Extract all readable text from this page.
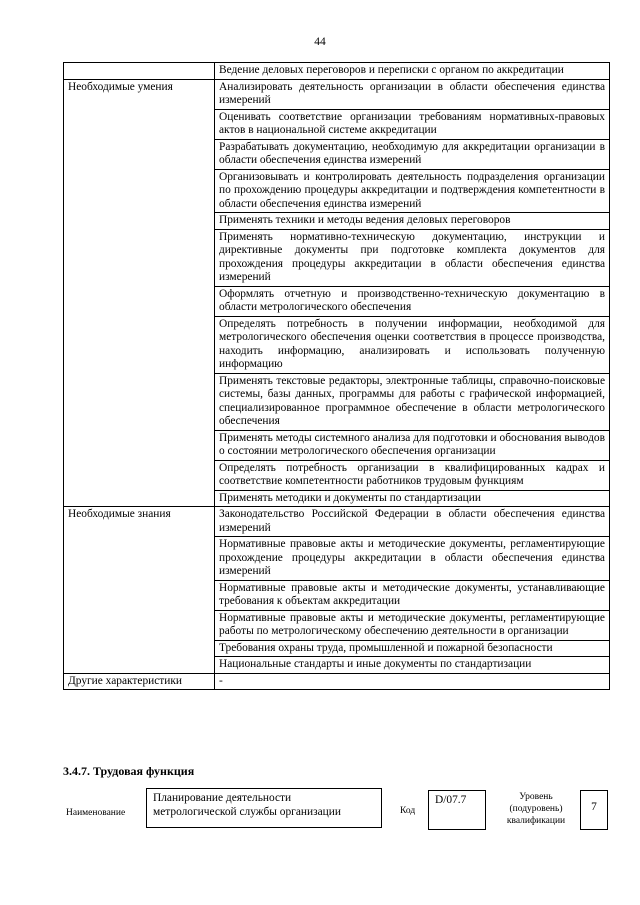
44
	Ведение деловых переговоров и переписки с органом по аккредитации
Необходимые умения	Анализировать деятельность организации в области обеспечения единства измерений
	Оценивать соответствие организации требованиям нормативных-правовых актов в национальной системе аккредитации
	Разрабатывать документацию, необходимую для аккредитации организации в области обеспечения единства измерений
	Организовывать и контролировать деятельность подразделения организации по прохождению процедуры аккредитации и подтверждения компетентности в области обеспечения единства измерений
	Применять техники и методы ведения деловых переговоров
	Применять нормативно-техническую документацию, инструкции и директивные документы при подготовке комплекта документов для прохождения процедуры аккредитации в области обеспечения единства измерений
	Оформлять отчетную и производственно-техническую документацию в области метрологического обеспечения
	Определять потребность в получении информации, необходимой для метрологического обеспечения оценки соответствия в процессе производства, находить информацию, анализировать и использовать полученную информацию
	Применять текстовые редакторы, электронные таблицы, справочно-поисковые системы, базы данных, программы для работы с графической информацией, специализированное программное обеспечение в области метрологического обеспечения
	Применять методы системного анализа для подготовки и обоснования выводов о состоянии метрологического обеспечения организации
	Определять потребность организации в квалифицированных кадрах и соответствие компетентности работников трудовым функциям
	Применять методики и документы по стандартизации
Необходимые знания	Законодательство Российской Федерации в области обеспечения единства измерений
	Нормативные правовые акты и методические документы, регламентирующие прохождение процедуры аккредитации в области обеспечения единства измерений
	Нормативные правовые акты и методические документы, устанавливающие требования к объектам аккредитации
	Нормативные правовые акты и методические документы, регламентирующие работы по метрологическому обеспечению деятельности в организации
	Требования охраны труда, промышленной и пожарной безопасности
	Национальные стандарты и иные документы по стандартизации
Другие характеристики	-
3.4.7. Трудовая функция
Наименование
Планирование деятельности метрологической службы организации	Код
D/07.7	Уровень (подуровень) квалификации
7
